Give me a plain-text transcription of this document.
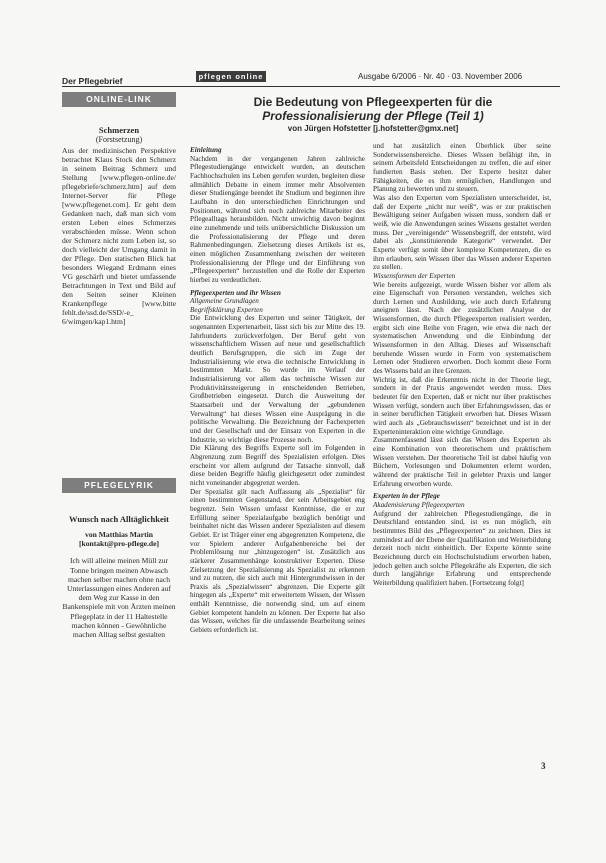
Der Pflegebrief	pflegen online	Ausgabe 6/2006 · Nr. 40 · 03. November 2006
ONLINE-LINK
Schmerzen
(Forstsetzung)
Aus der medizinischen Perspektive betrachtet Klaus Stock den Schmerz in seinem Beitrag Schmerz und Stellung [www.pflegen-online.de/ pflegebriefe/schmerz.htm] auf dem Internet-Server für Pflege [www.pflegenet.com]. Er geht dem Gedanken nach, daß man sich vom ersten Leben eines Schmerzes verabschieden müsse. Wenn schon der Schmerz nicht zum Leben ist, so doch vielleicht der Umgang damit in der Pflege. Den statischen Blick hat besonders Wiegand Erdmann eines VG geschärft und bietet umfassende Betrachtungen in Text und Bild auf den Seiten seiner Kleinen Krankenpflege [www.bitte fehlt.de/ssd.de/SSD/-e_ 6/wimgen/kap1.htm]
PFLEGELYRIK
Wunsch nach Alltäglichkeit
von Matthias Martin [kontakt@pro-pflege.de]
Ich will alleine meinen Müll zur Tonne bringen meinen Abwasch machen selber machen ohne nach Unterlassungen eines Anderen auf dem Weg zur Kasse in den Bankenspiele mit von Ärzten meinen Pflegeplatz in der 11 Haltestelle machen können - Gewöhnliche machen Alltag selbst gestalten
Die Bedeutung von Pflegeexperten für die
Professionalisierung der Pflege (Teil 1)
von Jürgen Hofstetter [j.hofstetter@gmx.net]
Einleitung

Nachdem in der vergangenen Jahren zahlreiche Pflegestudiengänge entwickelt wurden, an deutschen Fachhochschulen ins Leben gerufen wurden, begleiten diese allmählich Debatte in einem immer mehr Absolventen dieser Studiengänge beendet ihr Studium und beginnen ihre Laufbahn in den unterschiedlichen Einrichtungen und Positionen, während sich noch zahlreiche Mitarbeiter des Pflegealltags herausbilden. Nicht unwichtig davon beginnt eine zunehmende und teils unübersichtliche Diskussion um die Professionalisierung der Pflege und deren Rahmenbedingungen. Zielsetzung dieses Artikels ist es, einen möglichen Zusammenhang zwischen der weiteren Professionalisierung der Pflege und der Einführung von „Pflegeexperten“ herzustellen und die Rolle der Experten hierbei zu verdeutlichen.

Pflegeexperten und ihr Wissen
Allgemeine Grundlagen
Begriffsklärung Experten

Die Entwicklung des Experten und seiner Tätigkeit, der sogenannten Expertenarbeit, lässt sich bis zur Mitte des 19. Jahrhunderts zurückverfolgen. Der Beruf geht von wissenschaftlichem Wissen auf neue und gesellschaftlich deutlich Berufsgruppen, die sich im Zuge der Industrialisierung wie etwa die technische Entwicklung in bestimmten Markt. So wurde im Verlauf der Industrialisierung vor allem das technische Wissen zur Produktivitätssteigerung in entscheidenden Betrieben, Großbetrieben eingesetzt. Durch die Ausweitung der Staatsarbeit und der Verwaltung der „gebundenen Verwaltung“ hat dieses Wissen eine Ausprägung in die politische Verwaltung. Die Bezeichnung der Fachexperten und der Gesellschaft und der Einsatz von Experten in die Industrie, so wichtige diese Prozesse noch.

Die Klärung des Begriffs Experte soll im Folgenden in Abgrenzung zum Begriff des Spezialisten erfolgen. Dies erscheint vor allem aufgrund der Tatsache sinnvoll, daß diese beiden Begriffe häufig gleichgesetzt oder zumindest nicht voneinander abgegrenzt werden.

Der Spezialist gilt nach Auffassung als „Spezialist“ für einen bestimmten Gegenstand, der sein Arbeitsgebiet eng begrenzt. Sein Wissen umfasst Kenntnisse, die er zur Erfüllung seiner Spezialaufgabe bezüglich benötigt und beinhaltet nicht das Wissen anderer Spezialisten auf diesem Gebiet. Er ist Träger einer eng abgegrenzten Kompetenz, die vor Spielern anderer Aufgabenbereiche bei der Problemlösung nur „hinzugezogen“ ist. Zusätzlich aus stärkerer Zusammenhänge konstruktiver Experten. Diese Zielsetzung der Spezialisierung als Spezialist zu erkennen und zu nutzen, die sich auch mit Hintergrundwissen in der Praxis als „Spezialwissen“ abgrenzen. Die Experte gilt hingegen als „Experte“ mit erweitertem Wissen, der Wissen enthält Kenntnisse, die notwendig sind, um auf einem Gebiet kompetent handeln zu können. Der Experte hat also das Wissen, welches für die umfassende Bearbeitung seines Gebiets erforderlich ist.

und hat zusätzlich einen Überblick über seine Sonderwissensbereiche. Dieses Wissen befähigt ihn, in seinem Arbeitsfeld Entscheidungen zu treffen, die auf einer fundierten Basis stehen. Der Experte besitzt daher Fähigkeiten, die es ihm ermöglichen, Handlungen und Planung zu bewerten und zu steuern.

Was also den Experten vom Spezialisten unterscheidet, ist, daß der Experte „nicht nur weiß“, was er zur praktischen Bewältigung seiner Aufgaben wissen muss, sondern daß er weiß, wie die Anwendungen seines Wissens gestaltet werden muss. Der „vereinigende“ Wissensbegriff, der entsteht, wird dabei als „konstituierende Kategorie“ verwendet. Der Experte verfügt somit über komplexe Kompetenzen, die es ihm erlauben, sein Wissen über das Wissen anderer Experten zu stellen.

Wissensformen der Experten

Wie bereits aufgezeigt, wurde Wissen bisher vor allem als eine Eigenschaft von Personen verstanden, welches sich durch Lernen und Ausbildung, wie auch durch Erfahrung aneignen lässt. Nach der zusätzlichen Analyse der Wissensformen, die durch Pflegeexperten realisiert werden, ergibt sich eine Reihe von Fragen, wie etwa die nach der systematischen Anwendung und die Einbindung der Wissensformen in den Alltag. Dieses auf Wissenschaft beruhende Wissen wurde in Form von systematischem Lernen oder Studieren erworben. Doch kommt diese Form des Wissens bald an ihre Grenzen.

Wichtig ist, daß die Erkenntnis nicht in der Theorie liegt, sondern in der Praxis angewendet werden muss. Dies bedeutet für den Experten, daß er nicht nur über praktisches Wissen verfügt, sondern auch über Erfahrungswissen, das er in seiner beruflichen Tätigkeit erworben hat. Dieses Wissen wird auch als „Gebrauchswissen“ bezeichnet und ist in der Experteninteraktion eine wichtige Grundlage.

Zusammenfassend lässt sich das Wissen des Experten als eine Kombination von theoretischem und praktischem Wissen verstehen. Der theoretische Teil ist dabei häufig von Büchern, Vorlesungen und Dokumenten erlernt worden, während der praktische Teil in gelebter Praxis und langer Erfahrung erworben wurde.

Experten in der Pflege
Akademisierung Pflegeexperten

Aufgrund der zahlreichen Pflegestudiengänge, die in Deutschland entstanden sind, ist es nun möglich, ein bestimmtes Bild des „Pflegeexperten“ zu zeichnen. Dies ist zumindest auf der Ebene der Qualifikation und Weiterbildung derzeit noch nicht einheitlich. Der Experte könnte seine Bezeichnung durch ein Hochschulstudium erworben haben, jedoch gelten auch solche Pflegekräfte als Experten, die sich durch langjährige Erfahrung und entsprechende Weiterbildung qualifiziert haben. [Fortsetzung folgt]

3
